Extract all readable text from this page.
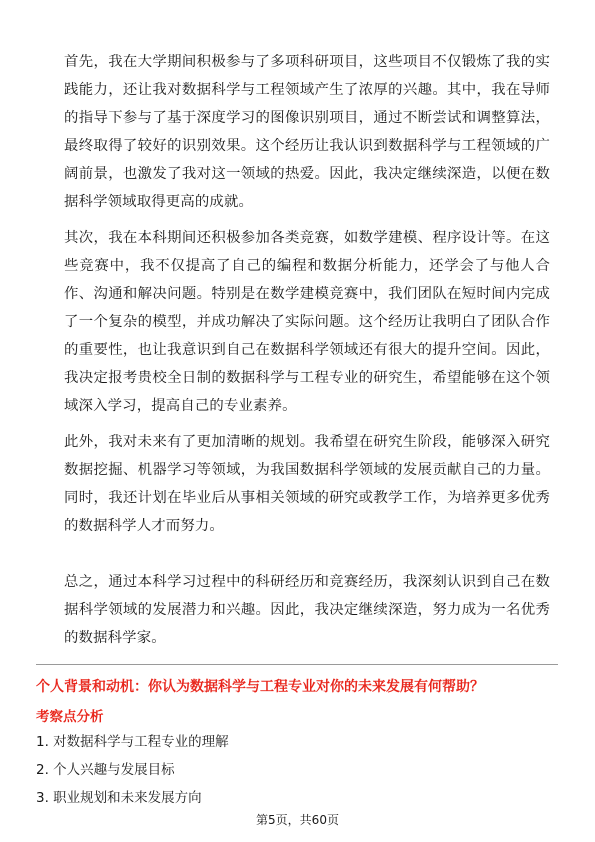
首先，我在大学期间积极参与了多项科研项目，这些项目不仅锻炼了我的实践能力，还让我对数据科学与工程领域产生了浓厚的兴趣。其中，我在导师的指导下参与了基于深度学习的图像识别项目，通过不断尝试和调整算法，最终取得了较好的识别效果。这个经历让我认识到数据科学与工程领域的广阔前景，也激发了我对这一领域的热爱。因此，我决定继续深造，以便在数据科学领域取得更高的成就。

其次，我在本科期间还积极参加各类竞赛，如数学建模、程序设计等。在这些竞赛中，我不仅提高了自己的编程和数据分析能力，还学会了与他人合作、沟通和解决问题。特别是在数学建模竞赛中，我们团队在短时间内完成了一个复杂的模型，并成功解决了实际问题。这个经历让我明白了团队合作的重要性，也让我意识到自己在数据科学领域还有很大的提升空间。因此，我决定报考贵校全日制的数据科学与工程专业的研究生，希望能够在这个领域深入学习，提高自己的专业素养。

此外，我对未来有了更加清晰的规划。我希望在研究生阶段，能够深入研究数据挖掘、机器学习等领域，为我国数据科学领域的发展贡献自己的力量。同时，我还计划在毕业后从事相关领域的研究或教学工作，为培养更多优秀的数据科学人才而努力。

总之，通过本科学习过程中的科研经历和竞赛经历，我深刻认识到自己在数据科学领域的发展潜力和兴趣。因此，我决定继续深造，努力成为一名优秀的数据科学家。

个人背景和动机：你认为数据科学与工程专业对你的未来发展有何帮助？
考察点分析
1. 对数据科学与工程专业的理解
2. 个人兴趣与发展目标
3. 职业规划和未来发展方向
第5页，共60页
